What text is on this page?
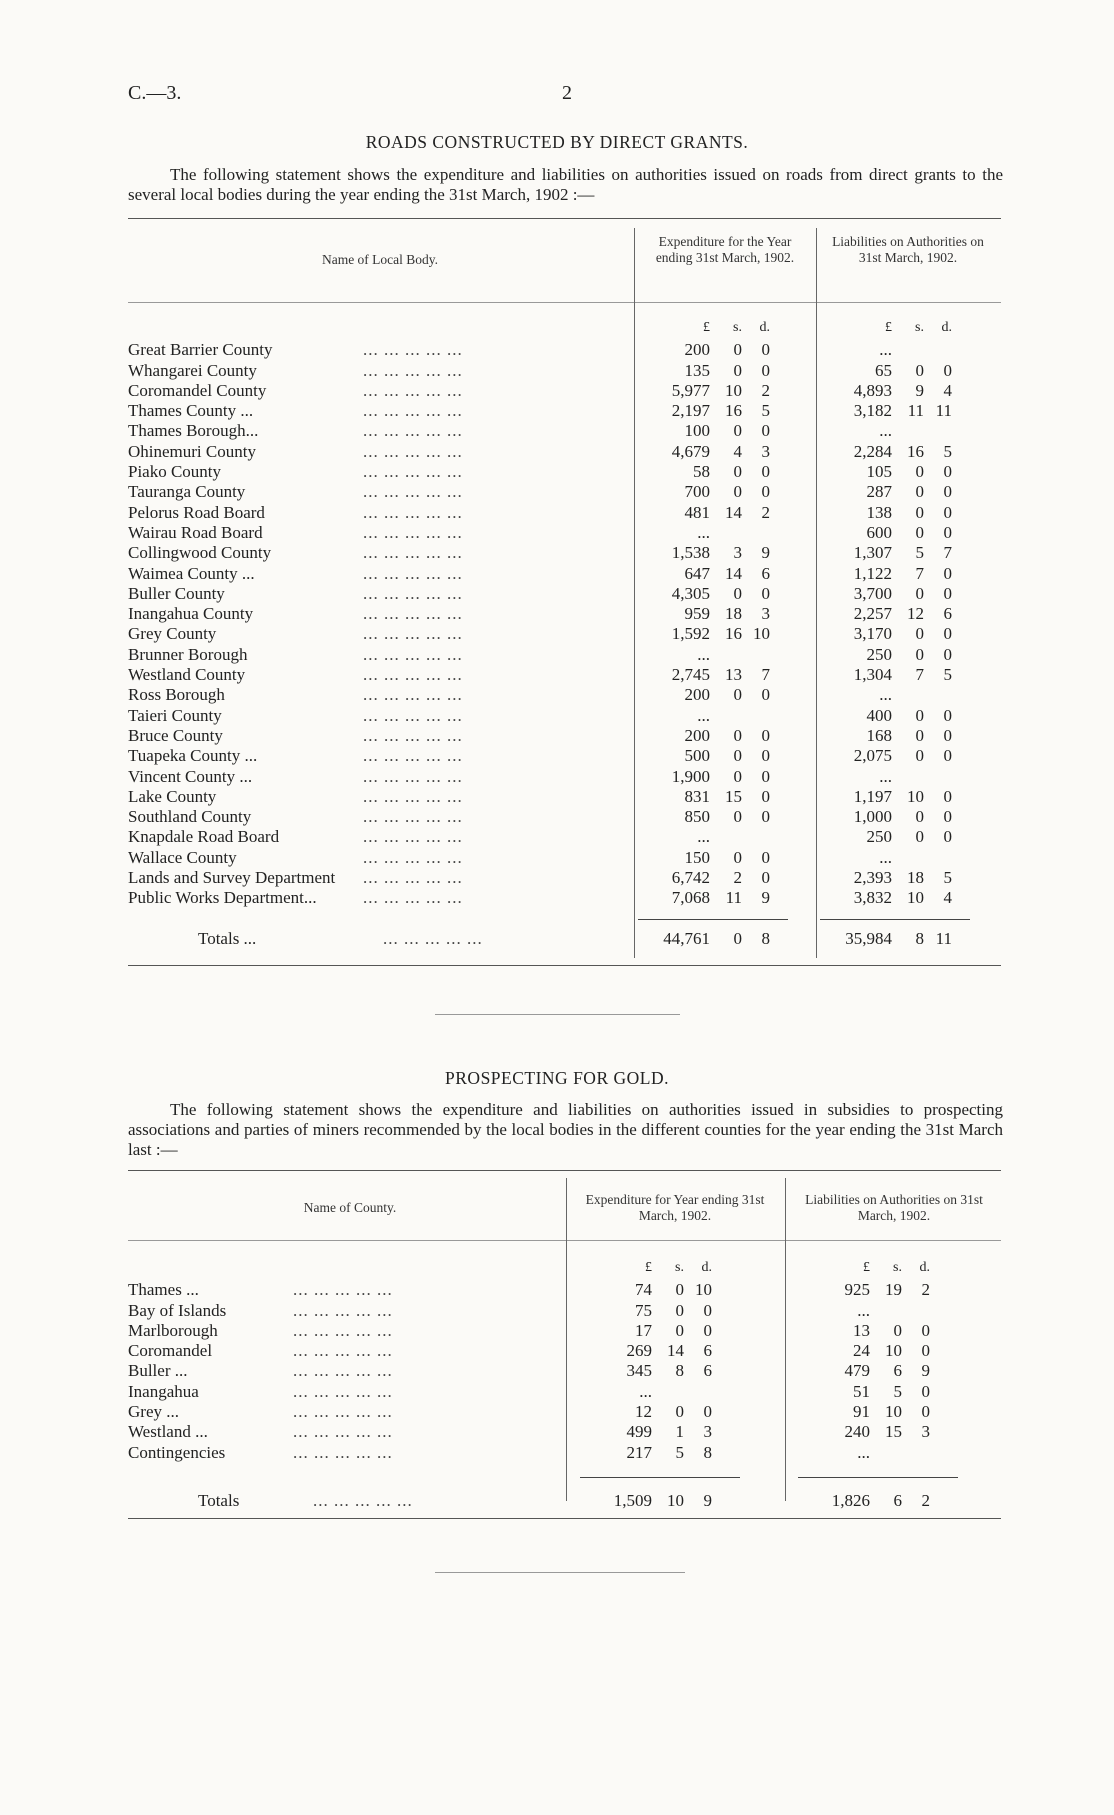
C.—3.	2
ROADS CONSTRUCTED BY DIRECT GRANTS.
The following statement shows the expenditure and liabilities on authorities issued on roads from direct grants to the several local bodies during the year ending the 31st March, 1902 :—
Name of Local Body.
Expenditure for the Year ending 31st March, 1902.
Liabilities on Authorities on 31st March, 1902.
£	s.	d.	£	s.	d.
... ... ... ... ...
Great Barrier County	200	0	0	...
... ... ... ... ...
Whangarei County	135	0	0	65	0	0
... ... ... ... ...
Coromandel County	5,977 10	2	4,893	9	4
... ... ... ... ...
Thames County ...	2,197 16	5	3,182 11 11
... ... ... ... ...
Thames Borough...	100	0	0	...
... ... ... ... ...
Ohinemuri County	4,679	4	3	2,284 16	5
... ... ... ... ...
Piako County	58	0	0	105	0	0
... ... ... ... ...
Tauranga County	700	0	0	287	0	0
... ... ... ... ...
Pelorus Road Board	481 14	2	138	0	0
... ... ... ... ...
Wairau Road Board	...	600	0	0
... ... ... ... ...
Collingwood County	1,538	3	9	1,307	5	7
... ... ... ... ...
Waimea County ...	647 14	6	1,122	7	0
... ... ... ... ...
Buller County	4,305	0	0	3,700	0	0
... ... ... ... ...
Inangahua County	959 18	3	2,257 12	6
... ... ... ... ...
Grey County	1,592 16 10	3,170	0	0
... ... ... ... ...
Brunner Borough	...	250	0	0
... ... ... ... ...
Westland County	2,745 13	7	1,304	7	5
... ... ... ... ...
Ross Borough	200	0	0	...
... ... ... ... ...
Taieri County	...	400	0	0
... ... ... ... ...
Bruce County	200	0	0	168	0	0
... ... ... ... ...
Tuapeka County ...	500	0	0	2,075	0	0
... ... ... ... ...
Vincent County ...	1,900	0	0	...
... ... ... ... ...
Lake County	831 15	0	1,197 10	0
... ... ... ... ...
Southland County	850	0	0	1,000	0	0
... ... ... ... ...
Knapdale Road Board	...	250	0	0
... ... ... ... ...
Wallace County	150	0	0	...
... ... ... ... ...
Lands and Survey Department	6,742	2	0	2,393 18	5
... ... ... ... ...
Public Works Department...	7,068 11	9	3,832 10	4
... ... ... ... ...
Totals ...	44,761	0	8	35,984	8 11
PROSPECTING FOR GOLD.
The following statement shows the expenditure and liabilities on authorities issued in subsidies to prospecting associations and parties of miners recommended by the local bodies in the different counties for the year ending the 31st March last :—
Name of County.
Expenditure for Year ending 31st March, 1902.
Liabilities on Authorities on 31st March, 1902.
£	s.	d.	£	s.	d.
... ... ... ... ...
Thames ...	74	0 10	925 19	2
... ... ... ... ...
Bay of Islands	75	0	0	...
... ... ... ... ...
Marlborough	17	0	0	13	0	0
... ... ... ... ...
Coromandel	269 14	6	24 10	0
... ... ... ... ...
Buller ...	345	8	6	479	6	9
... ... ... ... ...
Inangahua	...	51	5	0
... ... ... ... ...
Grey ...	12	0	0	91 10	0
... ... ... ... ...
Westland ...	499	1	3	240 15	3
... ... ... ... ...
Contingencies	217	5	8	...
... ... ... ... ...
Totals	1,509 10	9	1,826	6	2
